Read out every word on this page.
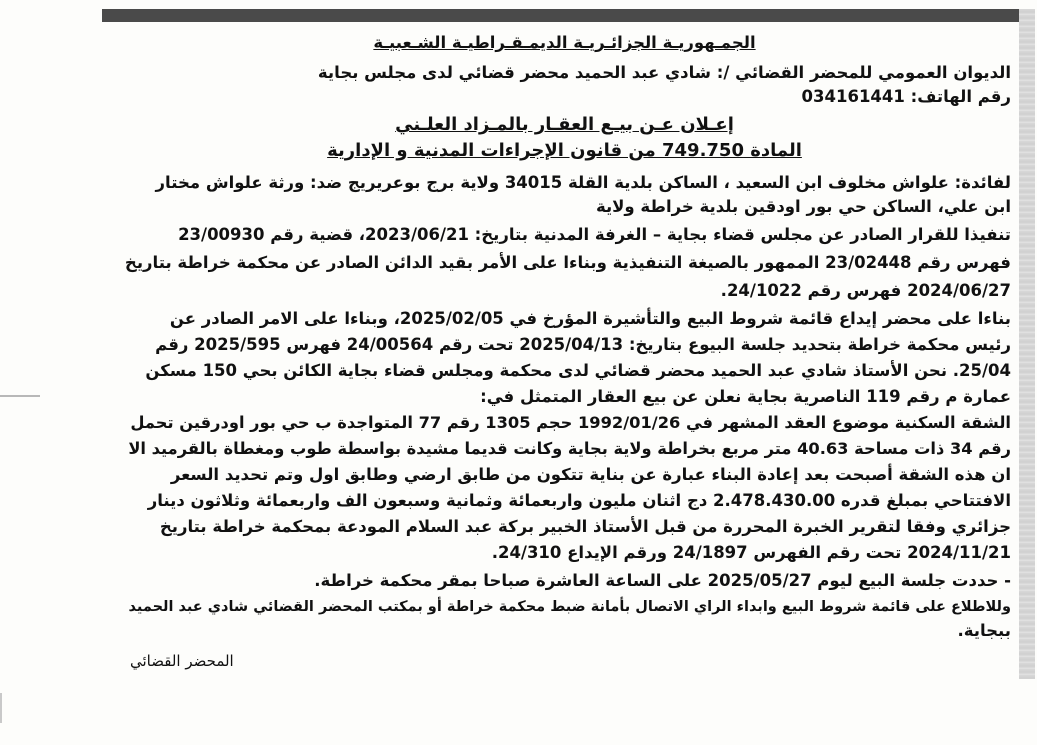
الجمـهوريـة الجزائـريـة الديمـقـراطيـة الشـعبيـة
الديوان العمومي للمحضر القضائي /: شادي عبد الحميد محضر قضائي لدى مجلس بجاية
رقم الهاتف: 034161441
إعـلان عـن بيـع العقـار بالمـزاد العلـني
المادة 749.750 من قانون الإجراءات المدنية و الإدارية
لفائدة: علواش مخلوف ابن السعيد ، الساكن بلدية القلة 34015 ولاية برج بوعريريج ضد: ورثة علواش مختار
ابن علي، الساكن حي بور اودقين بلدية خراطة ولاية
تنفيذا للقرار الصادر عن مجلس قضاء بجاية – الغرفة المدنية بتاريخ: 2023/06/21، قضية رقم 23/00930
فهرس رقم 23/02448 الممهور بالصيغة التنفيذية وبناءا على الأمر بقيد الدائن الصادر عن محكمة خراطة بتاريخ
2024/06/27 فهرس رقم 24/1022.
بناءا على محضر إيداع قائمة شروط البيع والتأشيرة المؤرخ في 2025/02/05، وبناءا على الامر الصادر عن
رئيس محكمة خراطة بتحديد جلسة البيوع بتاريخ: 2025/04/13 تحت رقم 24/00564 فهرس 2025/595 رقم
25/04. نحن الأستاذ شادي عبد الحميد محضر قضائي لدى محكمة ومجلس قضاء بجاية الكائن بحي 150 مسكن
عمارة م رقم 119 الناصرية بجاية نعلن عن بيع العقار المتمثل في:
الشقة السكنية موضوع العقد المشهر في 1992/01/26 حجم 1305 رقم 77 المتواجدة ب حي بور اودرقين تحمل
رقم 34 ذات مساحة 40.63 متر مربع بخراطة ولاية بجاية وكانت قديما مشيدة بواسطة طوب ومغطاة بالقرميد الا
ان هذه الشقة أصبحت بعد إعادة البناء عبارة عن بناية تتكون من طابق ارضي وطابق اول وتم تحديد السعر
الافتتاحي بمبلغ قدره 2.478.430.00 دج اثنان مليون واربعمائة وثمانية وسبعون الف واربعمائة وثلاثون دينار
جزائري وفقا لتقرير الخبرة المحررة من قبل الأستاذ الخبير بركة عبد السلام المودعة بمحكمة خراطة بتاريخ
2024/11/21 تحت رقم الفهرس 24/1897 ورقم الإيداع 24/310.
- حددت جلسة البيع ليوم 2025/05/27 على الساعة العاشرة صباحا بمقر محكمة خراطة.
وللاطلاع على قائمة شروط البيع وابداء الراي الاتصال بأمانة ضبط محكمة خراطة أو بمكتب المحضر القضائي شادي عبد الحميد
ببجاية.
المحضر القضائي
